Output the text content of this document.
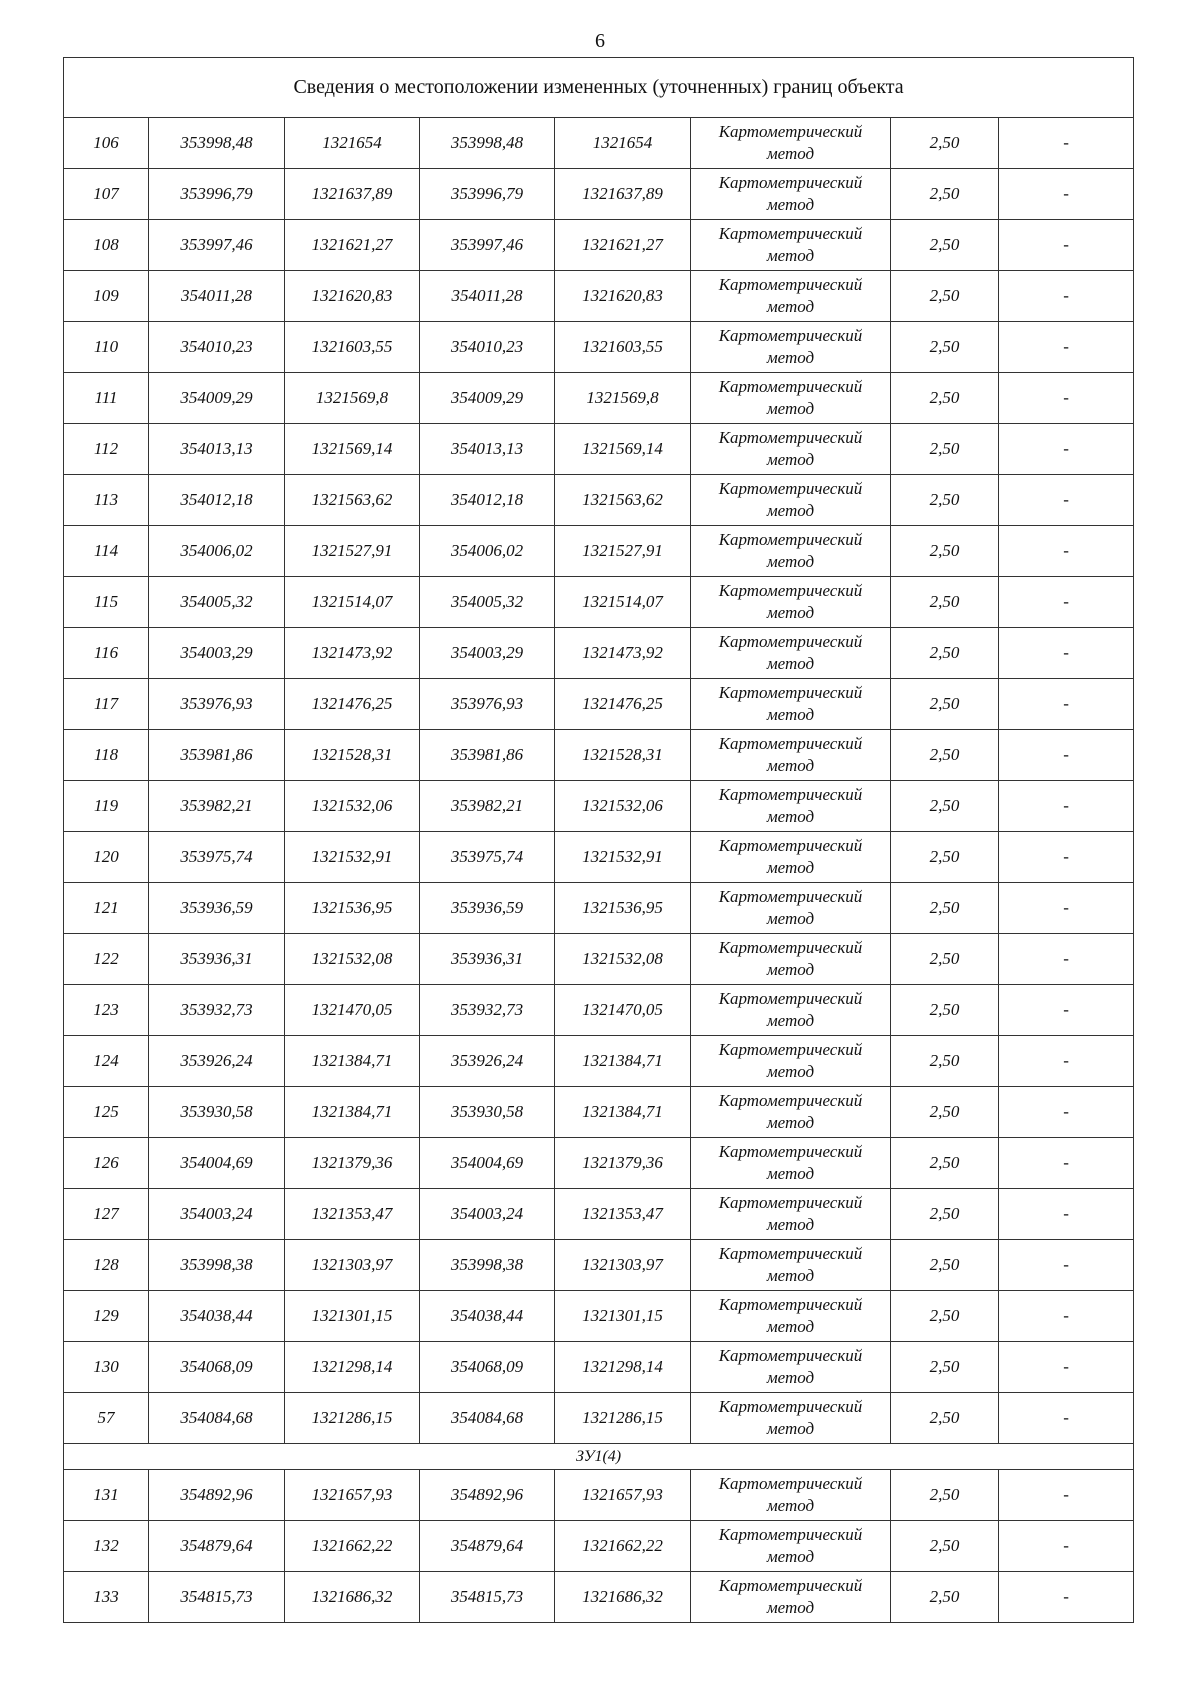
6
Сведения о местоположении измененных (уточненных) границ объекта							
106	353998,48	1321654	353998,48	1321654	Картометрический
метод	2,50	-
107	353996,79	1321637,89	353996,79	1321637,89	Картометрический
метод	2,50	-
108	353997,46	1321621,27	353997,46	1321621,27	Картометрический
метод	2,50	-
109	354011,28	1321620,83	354011,28	1321620,83	Картометрический
метод	2,50	-
110	354010,23	1321603,55	354010,23	1321603,55	Картометрический
метод	2,50	-
111	354009,29	1321569,8	354009,29	1321569,8	Картометрический
метод	2,50	-
112	354013,13	1321569,14	354013,13	1321569,14	Картометрический
метод	2,50	-
113	354012,18	1321563,62	354012,18	1321563,62	Картометрический
метод	2,50	-
114	354006,02	1321527,91	354006,02	1321527,91	Картометрический
метод	2,50	-
115	354005,32	1321514,07	354005,32	1321514,07	Картометрический
метод	2,50	-
116	354003,29	1321473,92	354003,29	1321473,92	Картометрический
метод	2,50	-
117	353976,93	1321476,25	353976,93	1321476,25	Картометрический
метод	2,50	-
118	353981,86	1321528,31	353981,86	1321528,31	Картометрический
метод	2,50	-
119	353982,21	1321532,06	353982,21	1321532,06	Картометрический
метод	2,50	-
120	353975,74	1321532,91	353975,74	1321532,91	Картометрический
метод	2,50	-
121	353936,59	1321536,95	353936,59	1321536,95	Картометрический
метод	2,50	-
122	353936,31	1321532,08	353936,31	1321532,08	Картометрический
метод	2,50	-
123	353932,73	1321470,05	353932,73	1321470,05	Картометрический
метод	2,50	-
124	353926,24	1321384,71	353926,24	1321384,71	Картометрический
метод	2,50	-
125	353930,58	1321384,71	353930,58	1321384,71	Картометрический
метод	2,50	-
126	354004,69	1321379,36	354004,69	1321379,36	Картометрический
метод	2,50	-
127	354003,24	1321353,47	354003,24	1321353,47	Картометрический
метод	2,50	-
128	353998,38	1321303,97	353998,38	1321303,97	Картометрический
метод	2,50	-
129	354038,44	1321301,15	354038,44	1321301,15	Картометрический
метод	2,50	-
130	354068,09	1321298,14	354068,09	1321298,14	Картометрический
метод	2,50	-
57	354084,68	1321286,15	354084,68	1321286,15	Картометрический
метод	2,50	-
ЗУ1(4)							
131	354892,96	1321657,93	354892,96	1321657,93	Картометрический
метод	2,50	-
132	354879,64	1321662,22	354879,64	1321662,22	Картометрический
метод	2,50	-
133	354815,73	1321686,32	354815,73	1321686,32	Картометрический
метод	2,50	-
